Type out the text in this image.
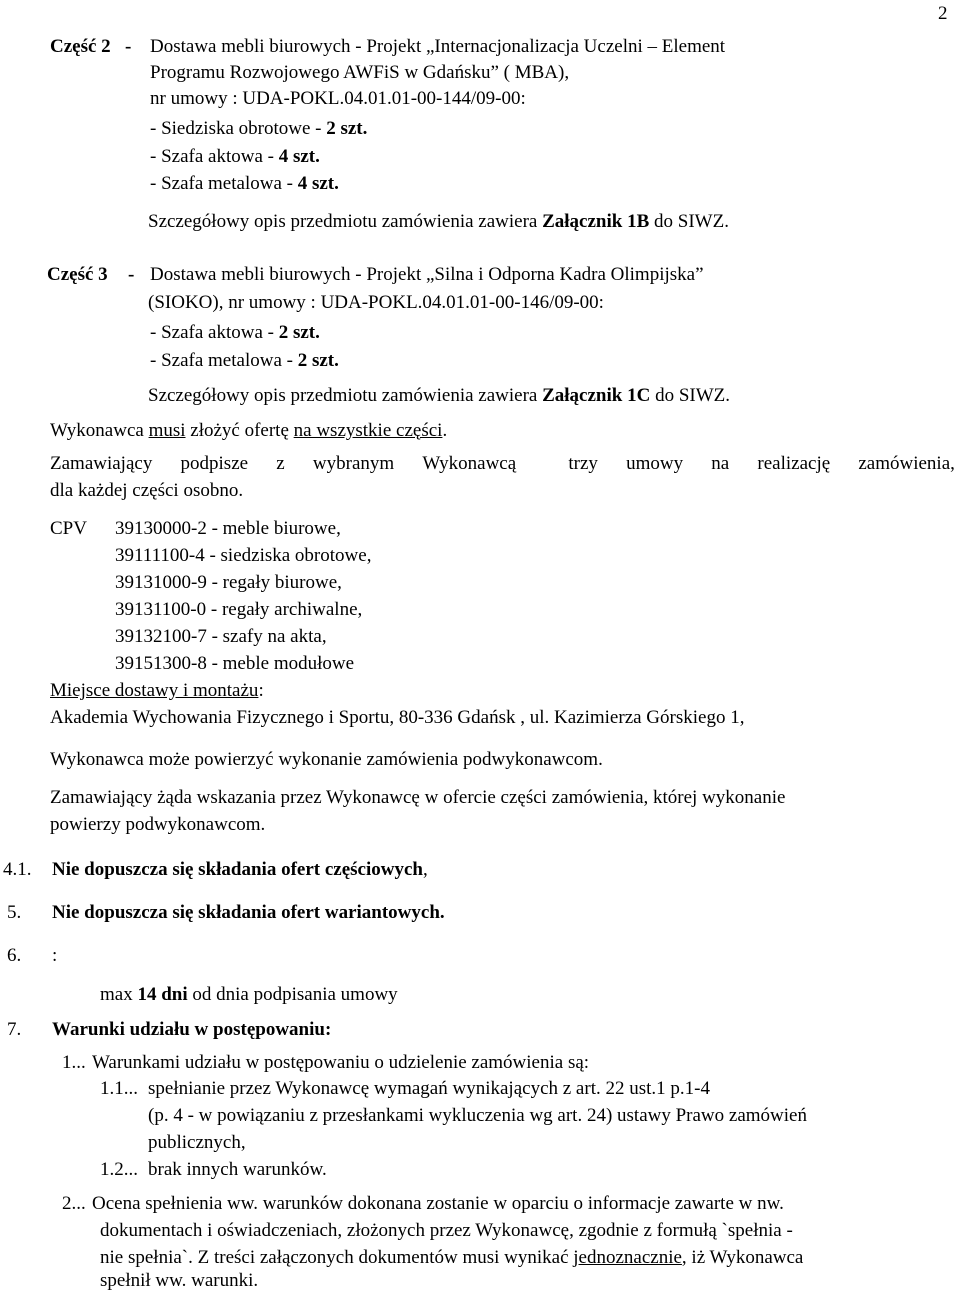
2
Część 2 - Dostawa mebli biurowych - Projekt „Internacjonalizacja Uczelni – Element
Programu Rozwojowego AWFiS w Gdańsku” ( MBA),
nr umowy : UDA-POKL.04.01.01-00-144/09-00:
- Siedziska obrotowe - 2 szt.
- Szafa aktowa - 4 szt.
- Szafa metalowa - 4 szt.
Szczegółowy opis przedmiotu zamówienia zawiera Załącznik 1B do SIWZ.
Część 3 - Dostawa mebli biurowych - Projekt „Silna i Odporna Kadra Olimpijska”
(SIOKO), nr umowy : UDA-POKL.04.01.01-00-146/09-00:
- Szafa aktowa - 2 szt.
- Szafa metalowa - 2 szt.
Szczegółowy opis przedmiotu zamówienia zawiera Załącznik 1C do SIWZ.
Wykonawca musi złożyć ofertę na wszystkie części.
Zamawiający podpisze z wybranym Wykonawcą	trzy umowy na realizację zamówienia,
dla każdej części osobno.
CPV 39130000-2 - meble biurowe,
39111100-4 - siedziska obrotowe,
39131000-9 - regały biurowe,
39131100-0 - regały archiwalne,
39132100-7 - szafy na akta,
39151300-8 - meble modułowe
Miejsce dostawy i montażu:
Akademia Wychowania Fizycznego i Sportu, 80-336 Gdańsk , ul. Kazimierza Górskiego 1,
Wykonawca może powierzyć wykonanie zamówienia podwykonawcom.
Zamawiający żąda wskazania przez Wykonawcę w ofercie części zamówienia, której wykonanie
powierzy podwykonawcom.
4.1. Nie dopuszcza się składania ofert częściowych,
5. Nie dopuszcza się składania ofert wariantowych.
6. :
max 14 dni od dnia podpisania umowy
7. Warunki udziału w postępowaniu:
1... Warunkami udziału w postępowaniu o udzielenie zamówienia są:
1.1... spełnianie przez Wykonawcę wymagań wynikających z art. 22 ust.1 p.1-4
(p. 4 - w powiązaniu z przesłankami wykluczenia wg art. 24) ustawy Prawo zamówień
publicznych,
1.2... brak innych warunków.
2... Ocena spełnienia ww. warunków dokonana zostanie w oparciu o informacje zawarte w nw.
dokumentach i oświadczeniach, złożonych przez Wykonawcę, zgodnie z formułą `spełnia -
nie spełnia`. Z treści załączonych dokumentów musi wynikać jednoznacznie, iż Wykonawca
spełnił ww. warunki.
